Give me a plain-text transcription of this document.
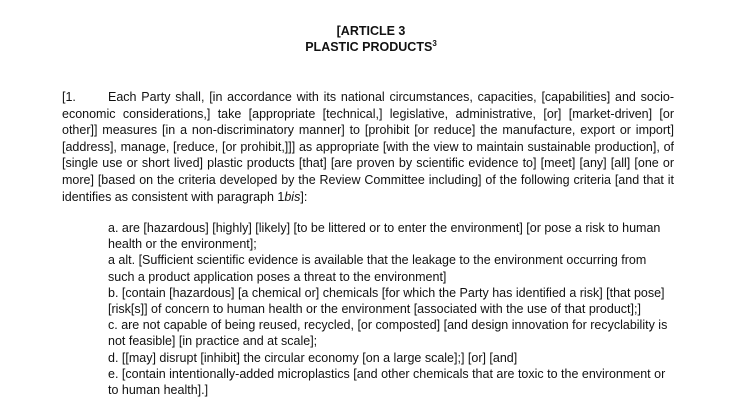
[ARTICLE 3
PLASTIC PRODUCTS$^3$
[1.	Each Party shall, [in accordance with its national circumstances, capacities, [capabilities] and socio-economic considerations,] take [appropriate [technical,] legislative, administrative, [or] [market-driven] [or other]] measures [in a non-discriminatory manner] to [prohibit [or reduce] the manufacture, export or import] [address], manage, [reduce, [or prohibit,]]] as appropriate [with the view to maintain sustainable production], of [single use or short lived] plastic products [that] [are proven by scientific evidence to] [meet] [any] [all] [one or more] [based on the criteria developed by the Review Committee including] of the following criteria [and that it identifies as consistent with paragraph 1bis]:

a. are [hazardous] [highly] [likely] [to be littered or to enter the environment] [or pose a risk to human health or the environment];

a alt. [Sufficient scientific evidence is available that the leakage to the environment occurring from such a product application poses a threat to the environment]

b. [contain [hazardous] [a chemical or] chemicals [for which the Party has identified a risk] [that pose] [risk[s]] of concern to human health or the environment [associated with the use of that product];]

c. are not capable of being reused, recycled, [or composted] [and design innovation for recyclability is not feasible] [in practice and at scale];

d. [[may] disrupt [inhibit] the circular economy [on a large scale];] [or] [and]

e. [contain intentionally-added microplastics [and other chemicals that are toxic to the environment or to human health].]
